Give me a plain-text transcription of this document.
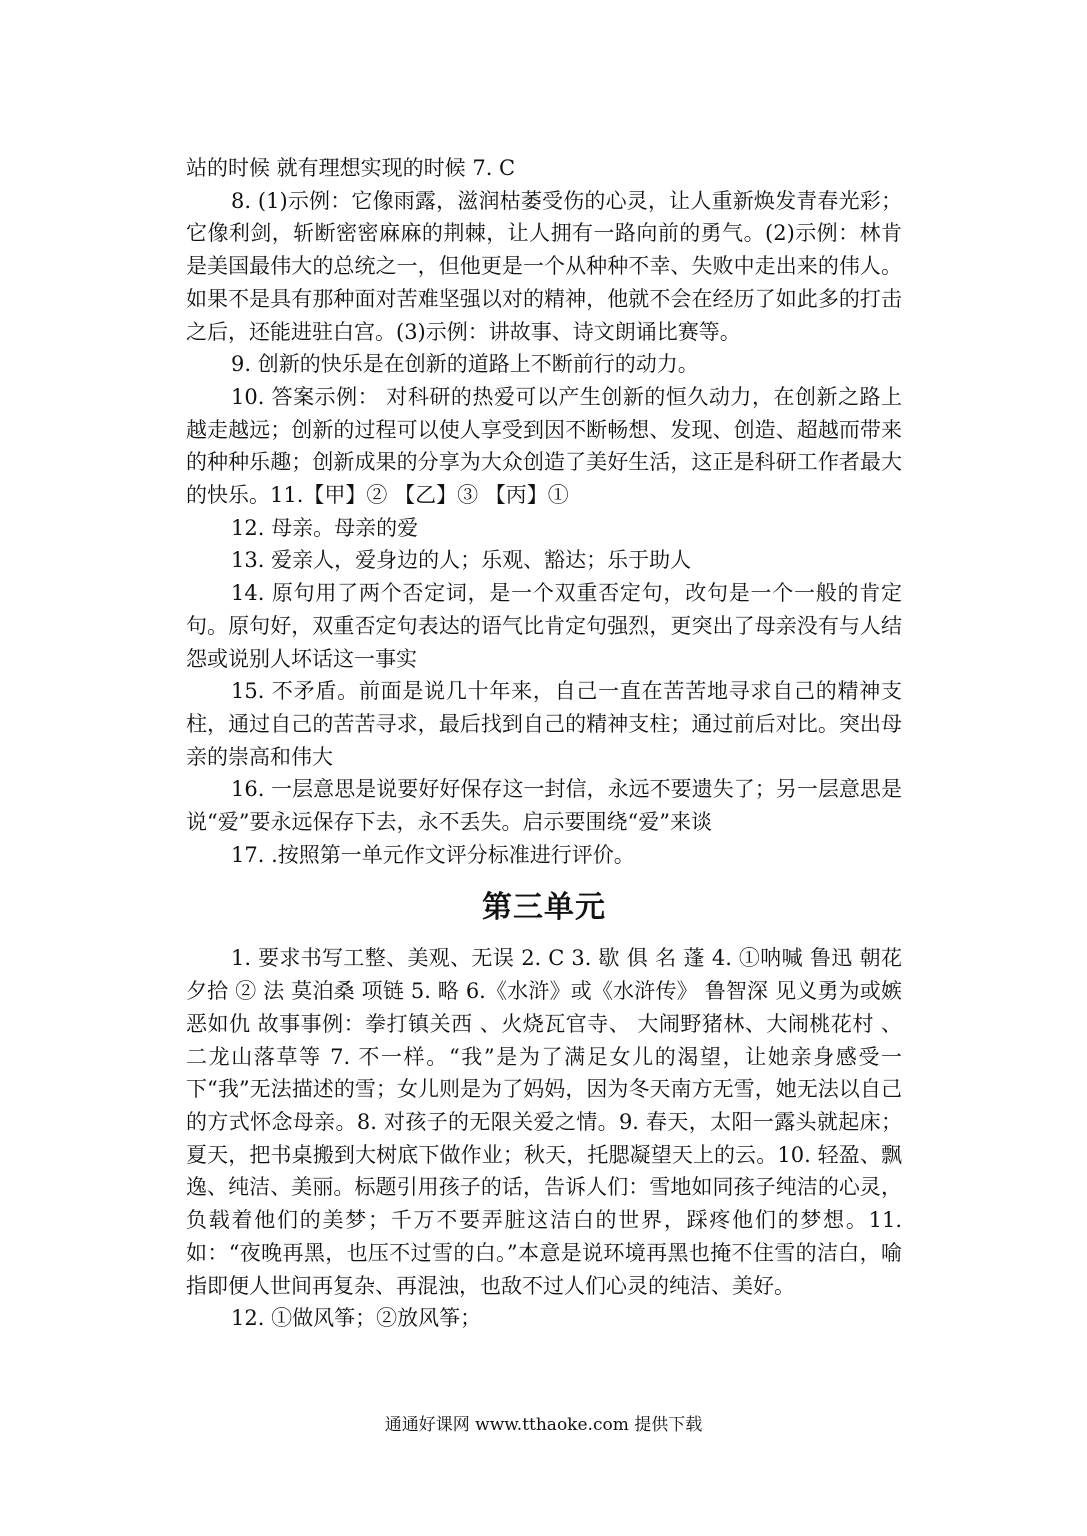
站的时候 就有理想实现的时候 7. C

8. (1)示例：它像雨露，滋润枯萎受伤的心灵，让人重新焕发青春光彩；它像利剑，斩断密密麻麻的荆棘，让人拥有一路向前的勇气。(2)示例：林肯是美国最伟大的总统之一，但他更是一个从种种不幸、失败中走出来的伟人。如果不是具有那种面对苦难坚强以对的精神，他就不会在经历了如此多的打击之后，还能进驻白宫。(3)示例：讲故事、诗文朗诵比赛等。

9. 创新的快乐是在创新的道路上不断前行的动力。

10. 答案示例： 对科研的热爱可以产生创新的恒久动力，在创新之路上越走越远；创新的过程可以使人享受到因不断畅想、发现、创造、超越而带来的种种乐趣；创新成果的分享为大众创造了美好生活，这正是科研工作者最大的快乐。11.【甲】② 【乙】③ 【丙】①

12. 母亲。母亲的爱

13. 爱亲人，爱身边的人；乐观、豁达；乐于助人

14. 原句用了两个否定词，是一个双重否定句，改句是一个一般的肯定句。原句好，双重否定句表达的语气比肯定句强烈，更突出了母亲没有与人结怨或说别人坏话这一事实

15. 不矛盾。前面是说几十年来，自己一直在苦苦地寻求自己的精神支柱，通过自己的苦苦寻求，最后找到自己的精神支柱；通过前后对比。突出母亲的崇高和伟大

16. 一层意思是说要好好保存这一封信，永远不要遗失了；另一层意思是说“爱”要永远保存下去，永不丢失。启示要围绕“爱”来谈

17. .按照第一单元作文评分标准进行评价。

第三单元

1. 要求书写工整、美观、无误 2. C 3. 歇 俱 名 蓬 4. ①呐喊 鲁迅 朝花夕拾 ② 法 莫泊桑 项链 5. 略 6.《水浒》或《水浒传》 鲁智深 见义勇为或嫉恶如仇 故事事例：拳打镇关西 、火烧瓦官寺、 大闹野猪林、大闹桃花村 、二龙山落草等 7. 不一样。“我”是为了满足女儿的渴望，让她亲身感受一下“我”无法描述的雪；女儿则是为了妈妈，因为冬天南方无雪，她无法以自己的方式怀念母亲。8. 对孩子的无限关爱之情。9. 春天，太阳一露头就起床；夏天，把书桌搬到大树底下做作业；秋天，托腮凝望天上的云。10. 轻盈、飘逸、纯洁、美丽。标题引用孩子的话，告诉人们：雪地如同孩子纯洁的心灵，负载着他们的美梦；千万不要弄脏这洁白的世界，踩疼他们的梦想。11. 如：“夜晚再黑，也压不过雪的白。”本意是说环境再黑也掩不住雪的洁白，喻指即便人世间再复杂、再混浊，也敌不过人们心灵的纯洁、美好。

12. ①做风筝；②放风筝；

通通好课网 www.tthaoke.com 提供下载
